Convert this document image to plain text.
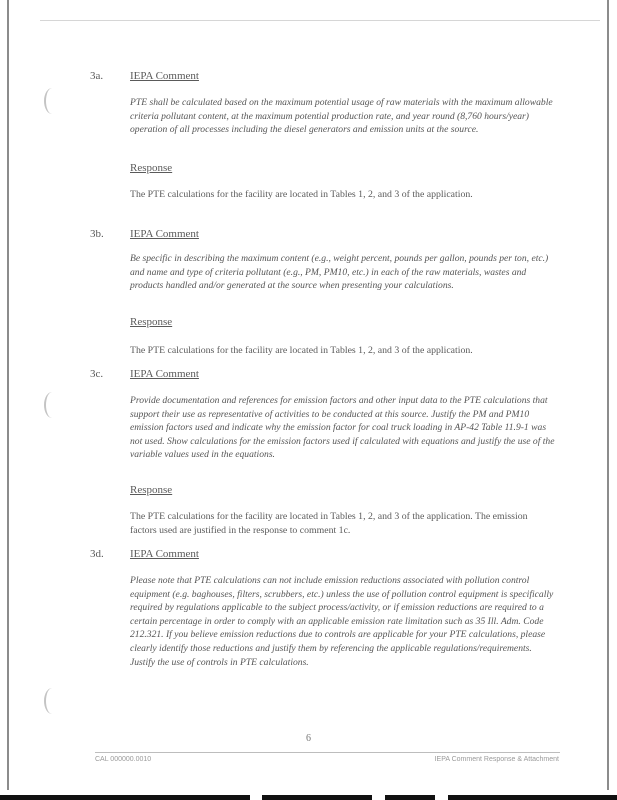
3a. IEPA Comment
PTE shall be calculated based on the maximum potential usage of raw materials with the maximum allowable criteria pollutant content, at the maximum potential production rate, and year round (8,760 hours/year) operation of all processes including the diesel generators and emission units at the source.
Response
The PTE calculations for the facility are located in Tables 1, 2, and 3 of the application.
3b. IEPA Comment
Be specific in describing the maximum content (e.g., weight percent, pounds per gallon, pounds per ton, etc.) and name and type of criteria pollutant (e.g., PM, PM10, etc.) in each of the raw materials, wastes and products handled and/or generated at the source when presenting your calculations.
Response
The PTE calculations for the facility are located in Tables 1, 2, and 3 of the application.
3c. IEPA Comment
Provide documentation and references for emission factors and other input data to the PTE calculations that support their use as representative of activities to be conducted at this source. Justify the PM and PM10 emission factors used and indicate why the emission factor for coal truck loading in AP-42 Table 11.9-1 was not used. Show calculations for the emission factors used if calculated with equations and justify the use of the variable values used in the equations.
Response
The PTE calculations for the facility are located in Tables 1, 2, and 3 of the application. The emission factors used are justified in the response to comment 1c.
3d. IEPA Comment
Please note that PTE calculations can not include emission reductions associated with pollution control equipment (e.g. baghouses, filters, scrubbers, etc.) unless the use of pollution control equipment is specifically required by regulations applicable to the subject process/activity, or if emission reductions are required to a certain percentage in order to comply with an applicable emission rate limitation such as 35 Ill. Adm. Code 212.321. If you believe emission reductions due to controls are applicable for your PTE calculations, please clearly identify those reductions and justify them by referencing the applicable regulations/requirements. Justify the use of controls in PTE calculations.
6
CAL 000000.0010	IEPA Comment Response & Attachment
